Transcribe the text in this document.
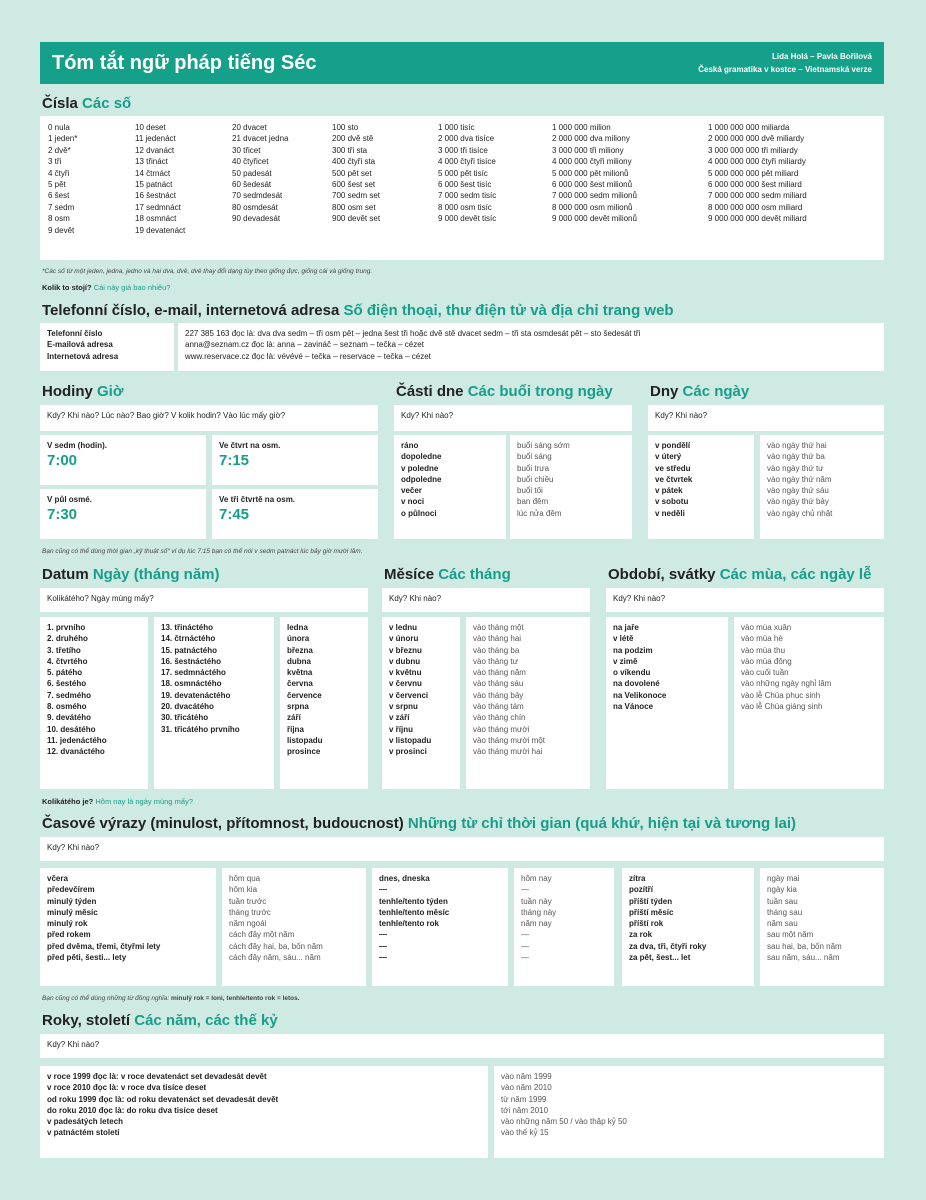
Tóm tắt ngữ pháp tiếng Séc	Lida Holá – Pavla Bořilová
Česká gramatika v kostce – Vietnamská verze
Čísla Các số
0 nula
1 jeden*
2 dvě*
3 tři
4 čtyři
5 pět
6 šest
7 sedm
8 osm
9 devět
10 deset
11 jedenáct
12 dvanáct
13 třináct
14 čtrnáct
15 patnáct
16 šestnáct
17 sedmnáct
18 osmnáct
19 devatenáct
20 dvacet
21 dvacet jedna
30 třicet
40 čtyřicet
50 padesát
60 šedesát
70 sedmdesát
80 osmdesát
90 devadesát
100 sto
200 dvě stě
300 tři sta
400 čtyři sta
500 pět set
600 šest set
700 sedm set
800 osm set
900 devět set
1 000 tisíc
2 000 dva tisíce
3 000 tři tisíce
4 000 čtyři tisíce
5 000 pět tisíc
6 000 šest tisíc
7 000 sedm tisíc
8 000 osm tisíc
9 000 devět tisíc
1 000 000 milion
2 000 000 dva miliony
3 000 000 tři miliony
4 000 000 čtyři miliony
5 000 000 pět milionů
6 000 000 šest milionů
7 000 000 sedm milionů
8 000 000 osm milionů
9 000 000 devět milionů
1 000 000 000 miliarda
2 000 000 000 dvě miliardy
3 000 000 000 tři miliardy
4 000 000 000 čtyři miliardy
5 000 000 000 pět miliard
6 000 000 000 šest miliard
7 000 000 000 sedm miliard
8 000 000 000 osm miliard
9 000 000 000 devět miliard
*Các số từ một jeden, jedna, jedno và hai dva, dvě, dvě thay đổi dạng tùy theo giống đực, giống cái và giống trung.
Kolik to stojí? Cái này giá bao nhiêu?
Telefonní číslo, e-mail, internetová adresa Số điện thoại, thư điện tử và địa chỉ trang web
Telefonní číslo
E-mailová adresa
Internetová adresa
227 385 163 đọc là: dva dva sedm – tři osm pět – jedna šest tři hoặc dvě stě dvacet sedm – tři sta osmdesát pět – sto šedesát tři
anna@seznam.cz đọc là: anna – zavináč – seznam – tečka – cézet
www.reservace.cz đọc là: vévévé – tečka – reservace – tečka – cézet
Hodiny Giờ
Kdy? Khi nào? Lúc nào? Bao giờ? V kolik hodin? Vào lúc mấy giờ?
V sedm (hodin).
7:00
Ve čtvrt na osm.
7:15
V půl osmé.
7:30
Ve tři čtvrtě na osm.
7:45
Bạn cũng có thể dùng thời gian „kỹ thuật số“ ví dụ lúc 7:15 bạn có thể nói v sedm patnáct lúc bảy giờ mười lăm.
Části dne Các buổi trong ngày
Kdy? Khi nào?
ráno
dopoledne
v poledne
odpoledne
večer
v noci
o půlnoci
buổi sáng sớm
buổi sáng
buổi trưa
buổi chiều
buổi tối
ban đêm
lúc nửa đêm
Dny Các ngày
Kdy? Khi nào?
v pondělí
v úterý
ve středu
ve čtvrtek
v pátek
v sobotu
v neděli
vào ngày thứ hai
vào ngày thứ ba
vào ngày thứ tư
vào ngày thứ năm
vào ngày thứ sáu
vào ngày thứ bảy
vào ngày chủ nhật
Datum Ngày (tháng năm)
Kolikátého? Ngày mùng mấy?
1. prvního
2. druhého
3. třetího
4. čtvrtého
5. pátého
6. šestého
7. sedmého
8. osmého
9. devátého
10. desátého
11. jedenáctého
12. dvanáctého
13. třináctého
14. čtrnáctého
15. patnáctého
16. šestnáctého
17. sedmnáctého
18. osmnáctého
19. devatenáctého
20. dvacátého
30. třicátého
31. třicátého prvního
ledna
února
března
dubna
května
června
července
srpna
září
října
listopadu
prosince
Kolikátého je? Hôm nay là ngày mùng mấy?
Měsíce Các tháng
Kdy? Khi nào?
v lednu
v únoru
v březnu
v dubnu
v květnu
v červnu
v červenci
v srpnu
v září
v říjnu
v listopadu
v prosinci
vào tháng một
vào tháng hai
vào tháng ba
vào tháng tư
vào tháng năm
vào tháng sáu
vào tháng bảy
vào tháng tám
vào tháng chín
vào tháng mười
vào tháng mười một
vào tháng mười hai
Období, svátky Các mùa, các ngày lễ
Kdy? Khi nào?
na jaře
v létě
na podzim
v zimě
o víkendu
na dovolené
na Velikonoce
na Vánoce
vào mùa xuân
vào mùa hè
vào mùa thu
vào mùa đông
vào cuối tuần
vào những ngày nghỉ lâm
vào lễ Chúa phục sinh
vào lễ Chúa giáng sinh
Časové výrazy (minulost, přítomnost, budoucnost) Những từ chỉ thời gian (quá khứ, hiện tại và tương lai)
Kdy? Khi nào?
včera
předevčírem
minulý týden
minulý měsíc
minulý rok
před rokem
před dvěma, třemi, čtyřmi lety
před pěti, šesti... lety
hôm qua
hôm kia
tuần trước
tháng trước
năm ngoái
cách đây một năm
cách đây hai, ba, bốn năm
cách đây năm, sáu... năm
dnes, dneska
—
tenhle/tento týden
tenhle/tento měsíc
tenhle/tento rok
—
—
—
hôm nay
—
tuần này
tháng này
năm nay
—
—
—
zítra
pozítří
příští týden
příští měsíc
příští rok
za rok
za dva, tři, čtyři roky
za pět, šest... let
ngày mai
ngày kia
tuần sau
tháng sau
năm sau
sau một năm
sau hai, ba, bốn năm
sau năm, sáu... năm
Bạn cũng có thể dùng những từ đồng nghĩa: minulý rok = loni, tenhle/tento rok = letos.
Roky, století Các năm, các thế kỷ
Kdy? Khi nào?
v roce 1999 đọc là: v roce devatenáct set devadesát devět
v roce 2010 đọc là: v roce dva tisíce deset
od roku 1999 đọc là: od roku devatenáct set devadesát devět
do roku 2010 đọc là: do roku dva tisíce deset
v padesátých letech
v patnáctém století
vào năm 1999
vào năm 2010
từ năm 1999
tới năm 2010
vào những năm 50 / vào thập kỷ 50
vào thế kỷ 15
